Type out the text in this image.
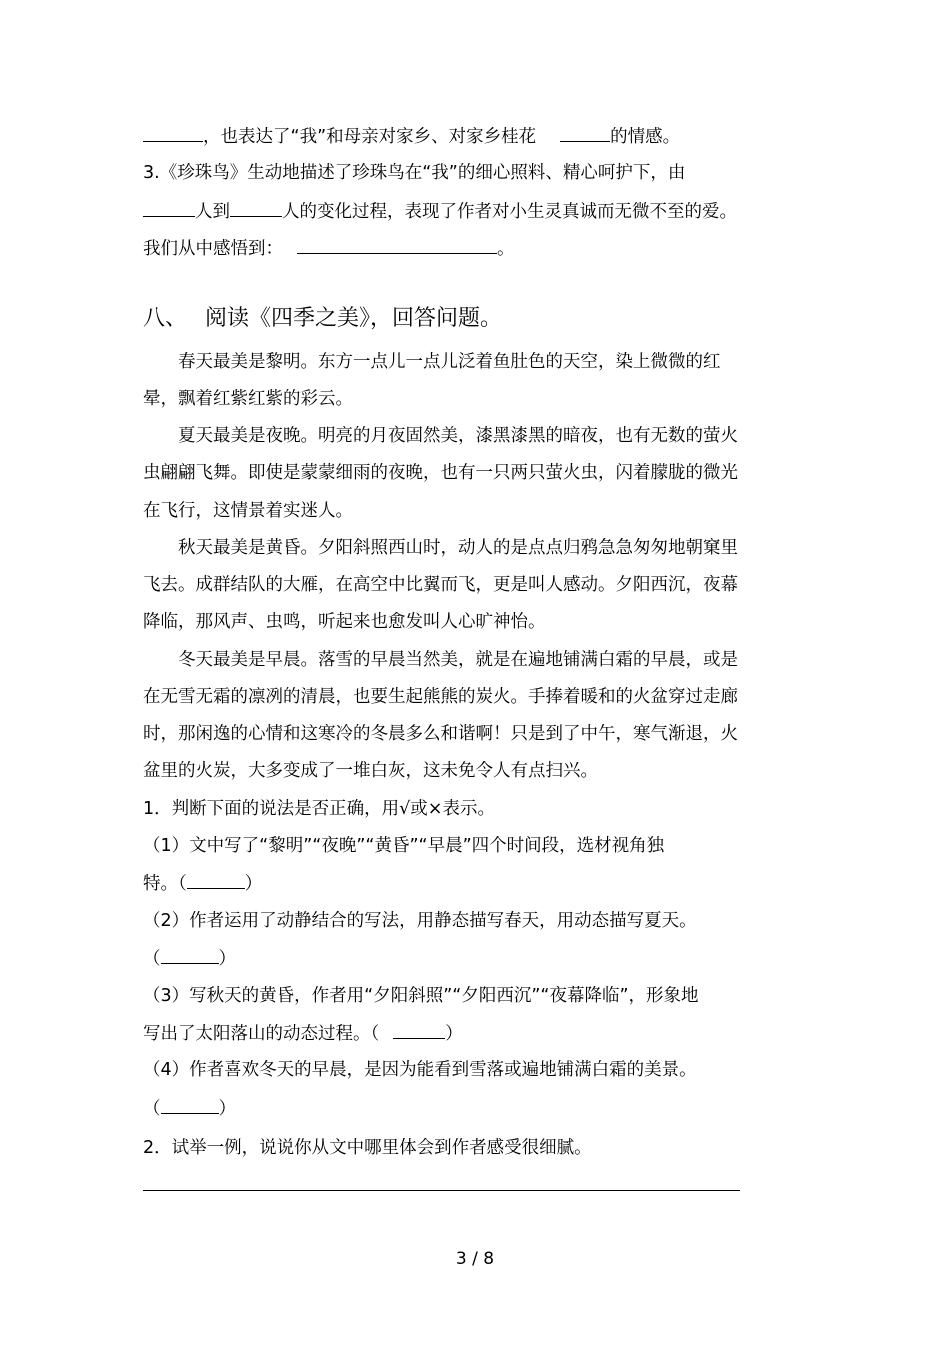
，也表达了“我”和母亲对家乡、对家乡桂花	的情感。
3.《珍珠鸟》生动地描述了珍珠鸟在“我”的细心照料、精心呵护下，由
人到	人的变化过程，表现了作者对小生灵真诚而无微不至的爱。
我们从中感悟到：	。
八、 阅读《四季之美》，回答问题。
春天最美是黎明。东方一点儿一点儿泛着鱼肚色的天空，染上微微的红
晕，飘着红紫红紫的彩云。
夏天最美是夜晚。明亮的月夜固然美，漆黑漆黑的暗夜，也有无数的萤火
虫翩翩飞舞。即使是蒙蒙细雨的夜晚，也有一只两只萤火虫，闪着朦胧的微光
在飞行，这情景着实迷人。
秋天最美是黄昏。夕阳斜照西山时，动人的是点点归鸦急急匆匆地朝窠里
飞去。成群结队的大雁，在高空中比翼而飞，更是叫人感动。夕阳西沉，夜幕
降临，那风声、虫鸣，听起来也愈发叫人心旷神怡。
冬天最美是早晨。落雪的早晨当然美，就是在遍地铺满白霜的早晨，或是
在无雪无霜的凛冽的清晨，也要生起熊熊的炭火。手捧着暖和的火盆穿过走廊
时，那闲逸的心情和这寒冷的冬晨多么和谐啊！只是到了中午，寒气渐退，火
盆里的火炭，大多变成了一堆白灰，这未免令人有点扫兴。
1．判断下面的说法是否正确，用√或×表示。
（1）文中写了“黎明”“夜晚”“黄昏”“早晨”四个时间段，选材视角独
特。（	）
（2）作者运用了动静结合的写法，用静态描写春天，用动态描写夏天。
（	）
（3）写秋天的黄昏，作者用“夕阳斜照”“夕阳西沉”“夜幕降临”，形象地
写出了太阳落山的动态过程。（	）
（4）作者喜欢冬天的早晨，是因为能看到雪落或遍地铺满白霜的美景。
（	）
2．试举一例，说说你从文中哪里体会到作者感受很细腻。
3 / 8
